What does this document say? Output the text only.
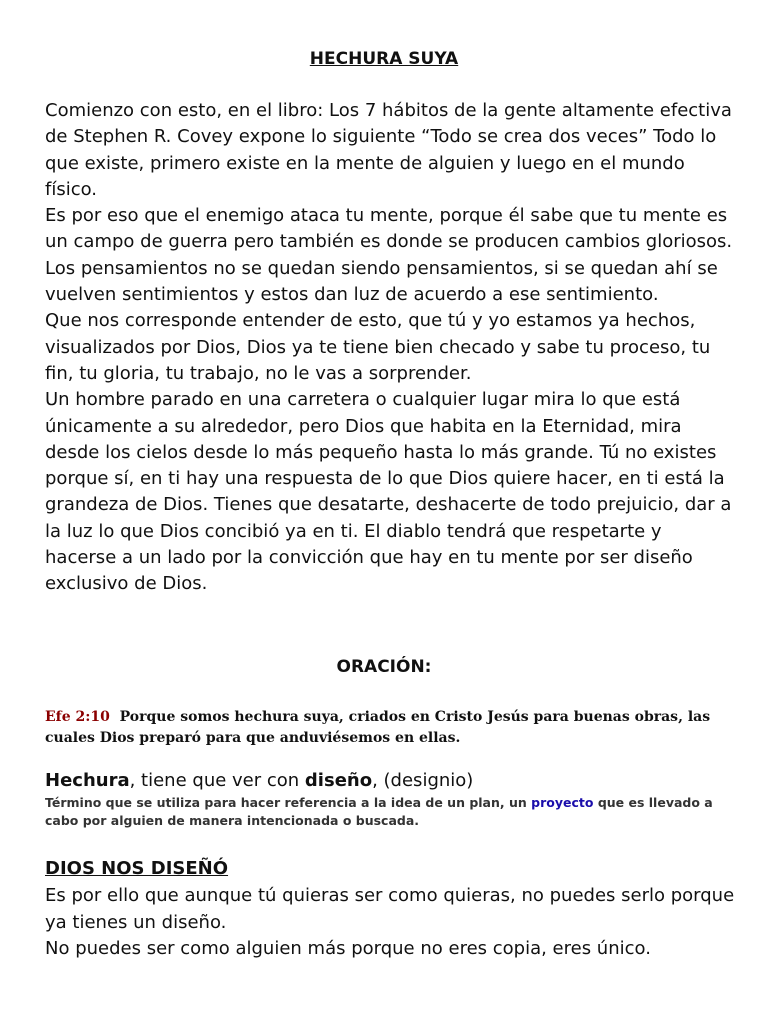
HECHURA SUYA

Comienzo con esto, en el libro: Los 7 hábitos de la gente altamente efectiva de Stephen R. Covey expone lo siguiente “Todo se crea dos veces” Todo lo que existe, primero existe en la mente de alguien y luego en el mundo físico.

Es por eso que el enemigo ataca tu mente, porque él sabe que tu mente es un campo de guerra pero también es donde se producen cambios gloriosos.

Los pensamientos no se quedan siendo pensamientos, si se quedan ahí se vuelven sentimientos y estos dan luz de acuerdo a ese sentimiento.

Que nos corresponde entender de esto, que tú y yo estamos ya hechos, visualizados por Dios, Dios ya te tiene bien checado y sabe tu proceso, tu fin, tu gloria, tu trabajo, no le vas a sorprender.

Un hombre parado en una carretera o cualquier lugar mira lo que está únicamente a su alrededor, pero Dios que habita en la Eternidad, mira desde los cielos desde lo más pequeño hasta lo más grande. Tú no existes porque sí, en ti hay una respuesta de lo que Dios quiere hacer, en ti está la grandeza de Dios. Tienes que desatarte, deshacerte de todo prejuicio, dar a la luz lo que Dios concibió ya en ti. El diablo tendrá que respetarte y hacerse a un lado por la convicción que hay en tu mente por ser diseño exclusivo de Dios.

ORACIÓN:

Efe 2:10 Porque somos hechura suya, criados en Cristo Jesús para buenas obras, las cuales Dios preparó para que anduviésemos en ellas.

Hechura, tiene que ver con diseño, (designio)

Término que se utiliza para hacer referencia a la idea de un plan, un proyecto que es llevado a cabo por alguien de manera intencionada o buscada.

DIOS NOS DISEÑÓ

Es por ello que aunque tú quieras ser como quieras, no puedes serlo porque ya tienes un diseño.

No puedes ser como alguien más porque no eres copia, eres único.
